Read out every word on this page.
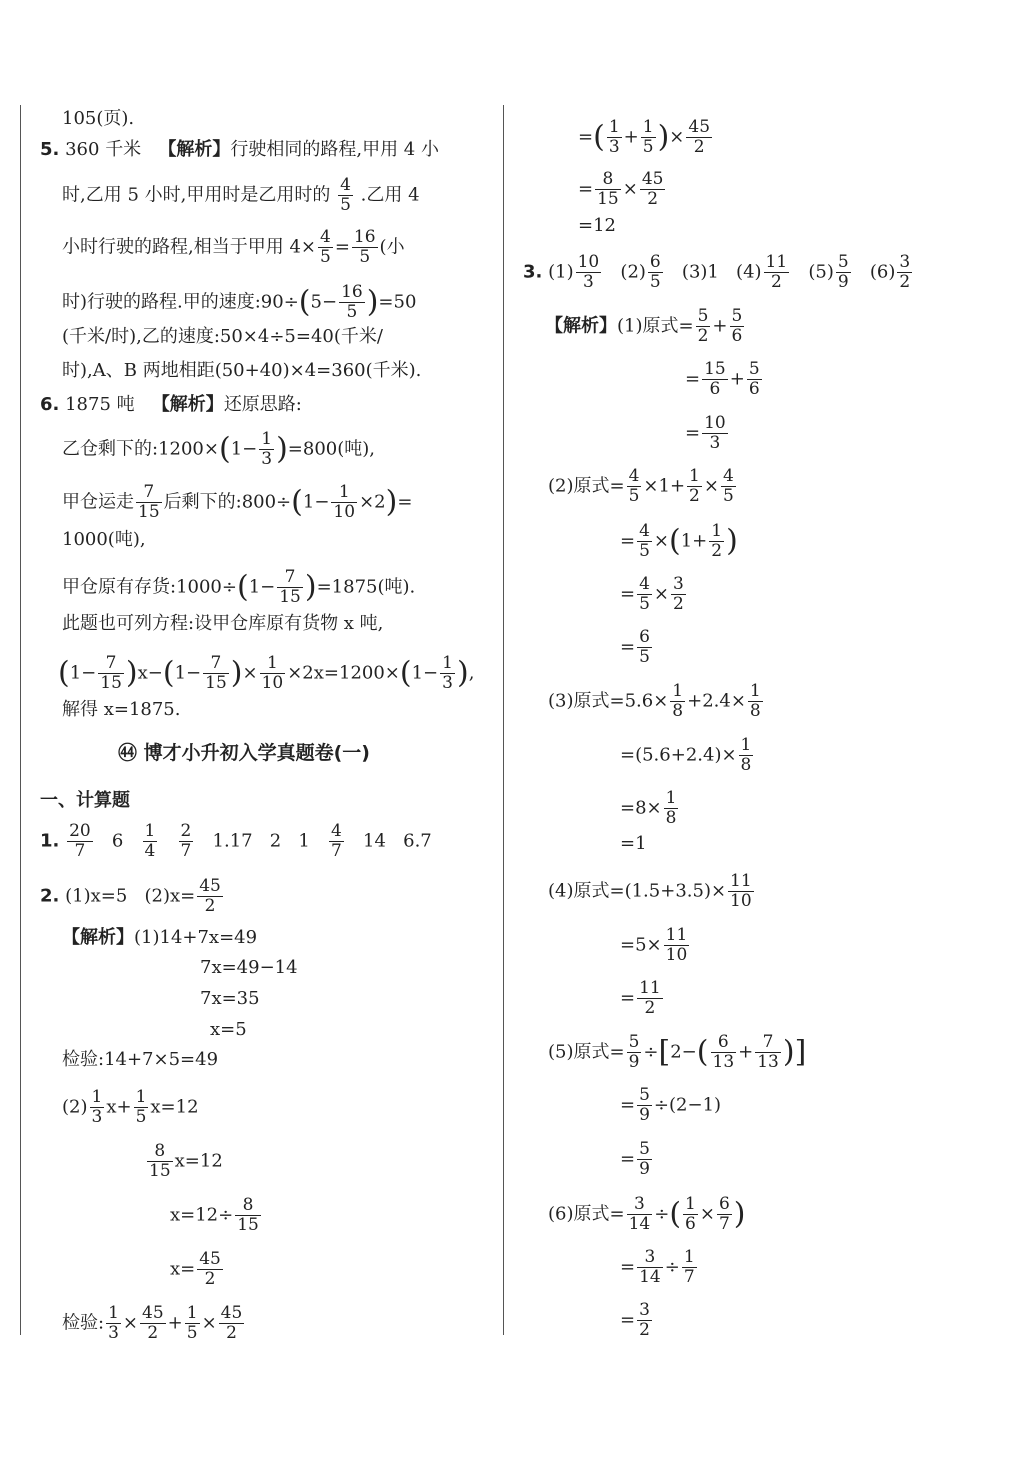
105(页).
5. 360 千米 【解析】行驶相同的路程,甲用 4 小
时,乙用 5 小时,甲用时是乙用时的 $\frac{4}{5}$ .乙用 4
小时行驶的路程,相当于甲用 $4\times \frac{4}{5} = \frac{16}{5}$ (小
时)行驶的路程.甲的速度:90÷(5− $\frac{16}{5} )=50$
(千米/时),乙的速度:50×4÷5=40(千米/
时),A、B 两地相距(50+40)×4=360(千米).
6. 1875 吨 【解析】还原思路:
乙仓剩下的:1200×(1− $\frac{1}{3} )=800$(吨),
甲仓运走 $\frac{7}{15}$ 后剩下的:800÷(1− $\frac{1}{10} \times 2)=$
1000(吨),
甲仓原有存货:1000÷(1− $\frac{7}{15} )=1875$(吨).
此题也可列方程:设甲仓库原有货物 x 吨,
$(1- \frac{7}{15} )x-(1- \frac{7}{15}$ )× $\frac{1}{10} \times 2x=1200\times(1- \frac{1}{3}$ ),
解得 x=1875.
㊹ 博才小升初入学真题卷(一)
一、计算题
1. $\frac{20}{7} 6 \frac{1}{4}$
$\frac{2}{7} 1.17$ 2 $1 \frac{4}{7} 14$ 6.7
2. (1)x=5 $(2)x= \frac{45}{2}$
【解析】(1)14+7x=49
7x=49−14
7x=35
x=5
检验:14+7×5=49
$(2) \frac{1}{3} x+ \frac{1}{5} x=12$
$\frac{8}{15} x=12$
$x=12\div \frac{8}{15}$
$x= \frac{45}{2}$
检验: $\frac{1}{3} \times \frac{45}{2} + \frac{1}{5} \times \frac{45}{2}$
=( $\frac{1}{3} + \frac{1}{5}$ )× $\frac{45}{2}$
= $\frac{8}{15} \times \frac{45}{2}$
=12
3. $(1) \frac{10}{3} (2) \frac{6}{5} (3)1$ $(4) \frac{11}{2} (5) \frac{5}{9} (6) \frac{3}{2}$
【解析】(1)原式= $\frac{5}{2} + \frac{5}{6}$
= $\frac{15}{6} + \frac{5}{6}$
= $\frac{10}{3}$
(2)原式= $\frac{4}{5} \times 1+ \frac{1}{2} \times \frac{4}{5}$
= $\frac{4}{5} \times(1+ \frac{1}{2}$ )
= $\frac{4}{5} \times \frac{3}{2}$
= $\frac{6}{5}$
(3)原式$=5.6\times \frac{1}{8} +2.4\times \frac{1}{8}$
$=(5.6+2.4)\times \frac{1}{8}$
$=8\times \frac{1}{8}$
=1
(4)原式$=(1.5+3.5)\times \frac{11}{10}$
$=5\times \frac{11}{10}$
= $\frac{11}{2}$
(5)原式= $\frac{5}{9} \div[2-( \frac{6}{13} + \frac{7}{13}$ )]
= $\frac{5}{9} \div(2-1)$
= $\frac{5}{9}$
(6)原式= $\frac{3}{14}$ ÷( $\frac{1}{6} \times \frac{6}{7}$ )
= $\frac{3}{14} \div \frac{1}{7}$
= $\frac{3}{2}$
